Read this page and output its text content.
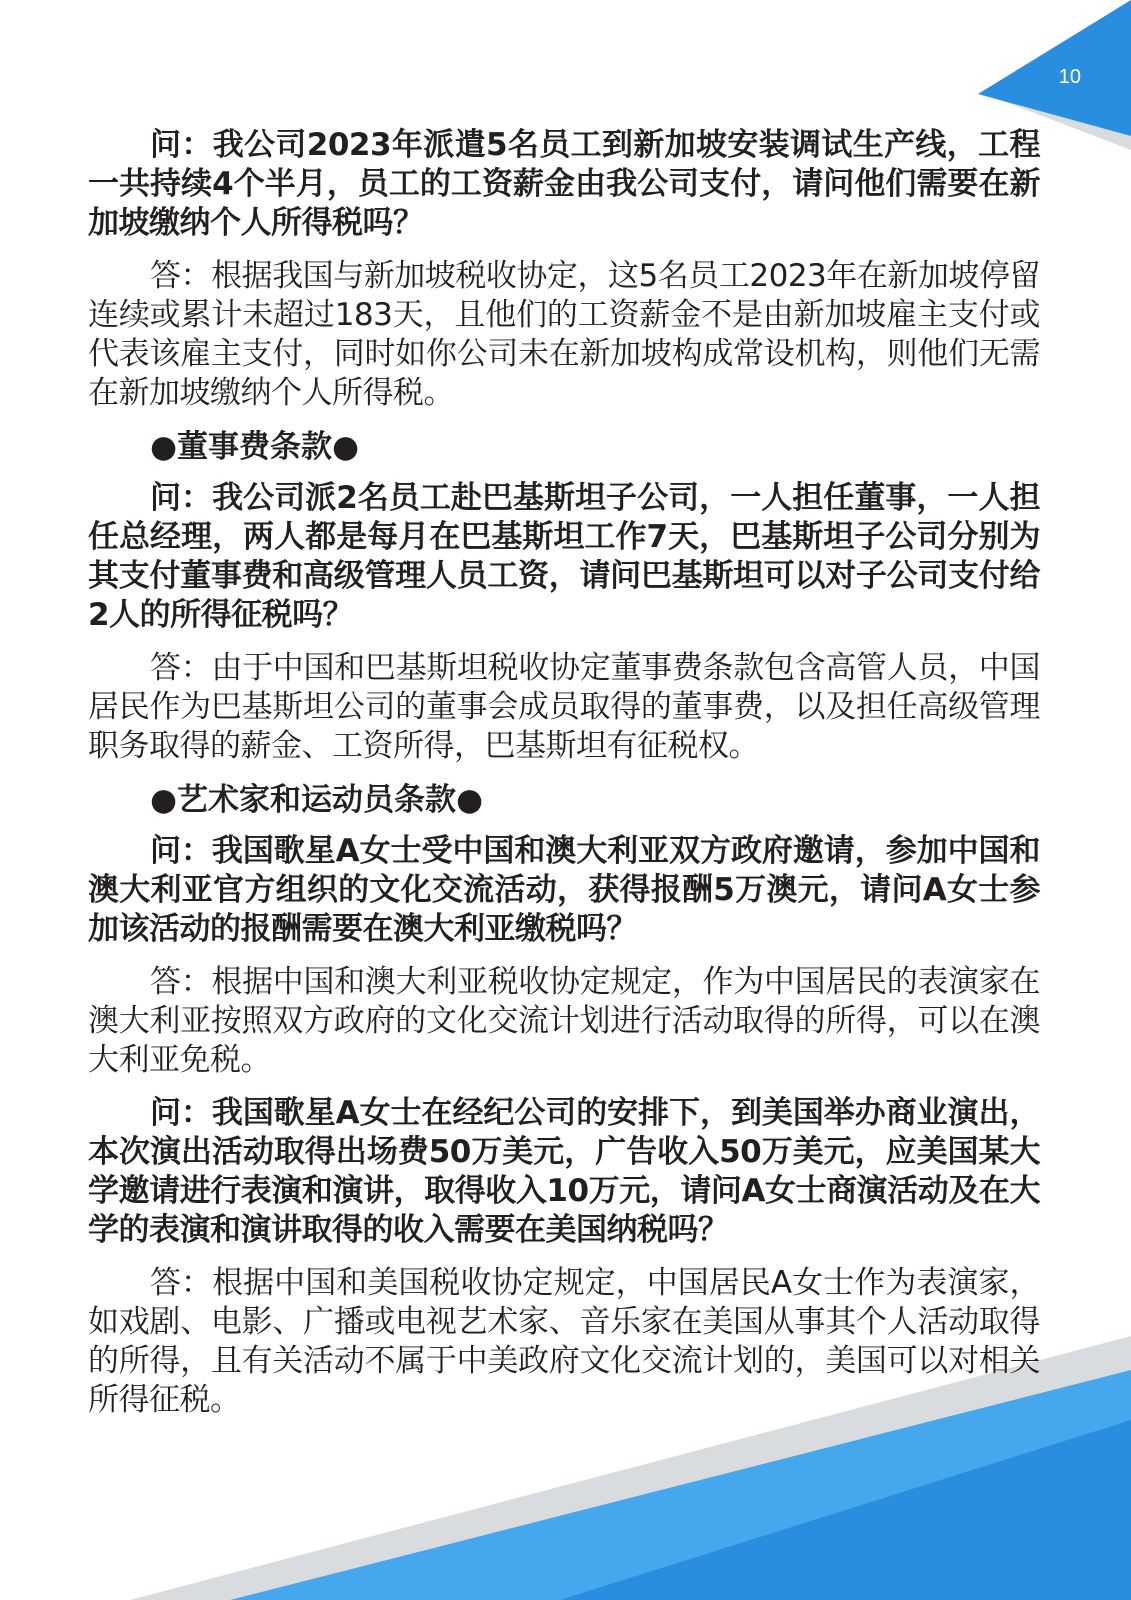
10

问：我公司2023年派遣5名员工到新加坡安装调试生产线，工程一共持续4个半月，员工的工资薪金由我公司支付，请问他们需要在新加坡缴纳个人所得税吗？

答：根据我国与新加坡税收协定，这5名员工2023年在新加坡停留连续或累计未超过183天，且他们的工资薪金不是由新加坡雇主支付或代表该雇主支付，同时如你公司未在新加坡构成常设机构，则他们无需在新加坡缴纳个人所得税。

●董事费条款●

问：我公司派2名员工赴巴基斯坦子公司，一人担任董事，一人担任总经理，两人都是每月在巴基斯坦工作7天，巴基斯坦子公司分别为其支付董事费和高级管理人员工资，请问巴基斯坦可以对子公司支付给2人的所得征税吗？

答：由于中国和巴基斯坦税收协定董事费条款包含高管人员，中国居民作为巴基斯坦公司的董事会成员取得的董事费，以及担任高级管理职务取得的薪金、工资所得，巴基斯坦有征税权。

●艺术家和运动员条款●

问：我国歌星A女士受中国和澳大利亚双方政府邀请，参加中国和澳大利亚官方组织的文化交流活动，获得报酬5万澳元，请问A女士参加该活动的报酬需要在澳大利亚缴税吗？

答：根据中国和澳大利亚税收协定规定，作为中国居民的表演家在澳大利亚按照双方政府的文化交流计划进行活动取得的所得，可以在澳大利亚免税。

问：我国歌星A女士在经纪公司的安排下，到美国举办商业演出，本次演出活动取得出场费50万美元，广告收入50万美元，应美国某大学邀请进行表演和演讲，取得收入10万元，请问A女士商演活动及在大学的表演和演讲取得的收入需要在美国纳税吗？

答：根据中国和美国税收协定规定，中国居民A女士作为表演家，如戏剧、电影、广播或电视艺术家、音乐家在美国从事其个人活动取得的所得，且有关活动不属于中美政府文化交流计划的，美国可以对相关所得征税。
